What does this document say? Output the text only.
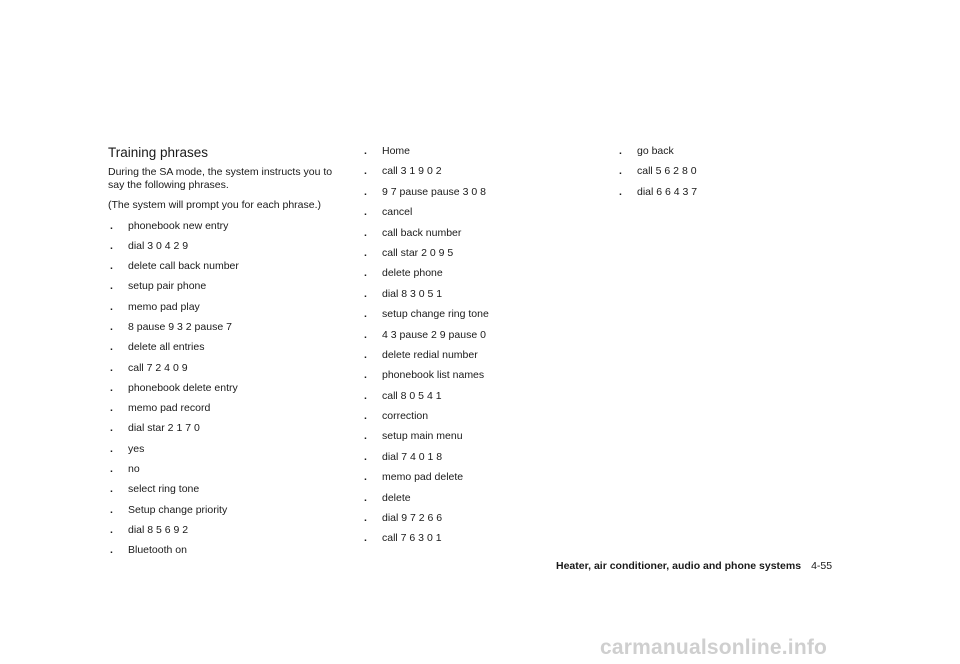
Training phrases

During the SA mode, the system instructs you to say the following phrases.

(The system will prompt you for each phrase.)

. phonebook new entry
. dial 3 0 4 2 9
. delete call back number
. setup pair phone
. memo pad play
. 8 pause 9 3 2 pause 7
. delete all entries
. call 7 2 4 0 9
. phonebook delete entry
. memo pad record
. dial star 2 1 7 0
. yes
. no
. select ring tone
. Setup change priority
. dial 8 5 6 9 2
. Bluetooth on
. Home
. call 3 1 9 0 2
. 9 7 pause pause 3 0 8
. cancel
. call back number
. call star 2 0 9 5
. delete phone
. dial 8 3 0 5 1
. setup change ring tone
. 4 3 pause 2 9 pause 0
. delete redial number
. phonebook list names
. call 8 0 5 4 1
. correction
. setup main menu
. dial 7 4 0 1 8
. memo pad delete
. delete
. dial 9 7 2 6 6
. call 7 6 3 0 1
. go back
. call 5 6 2 8 0
. dial 6 6 4 3 7
Heater, air conditioner, audio and phone systems 4-55
carmanualsonline.info
